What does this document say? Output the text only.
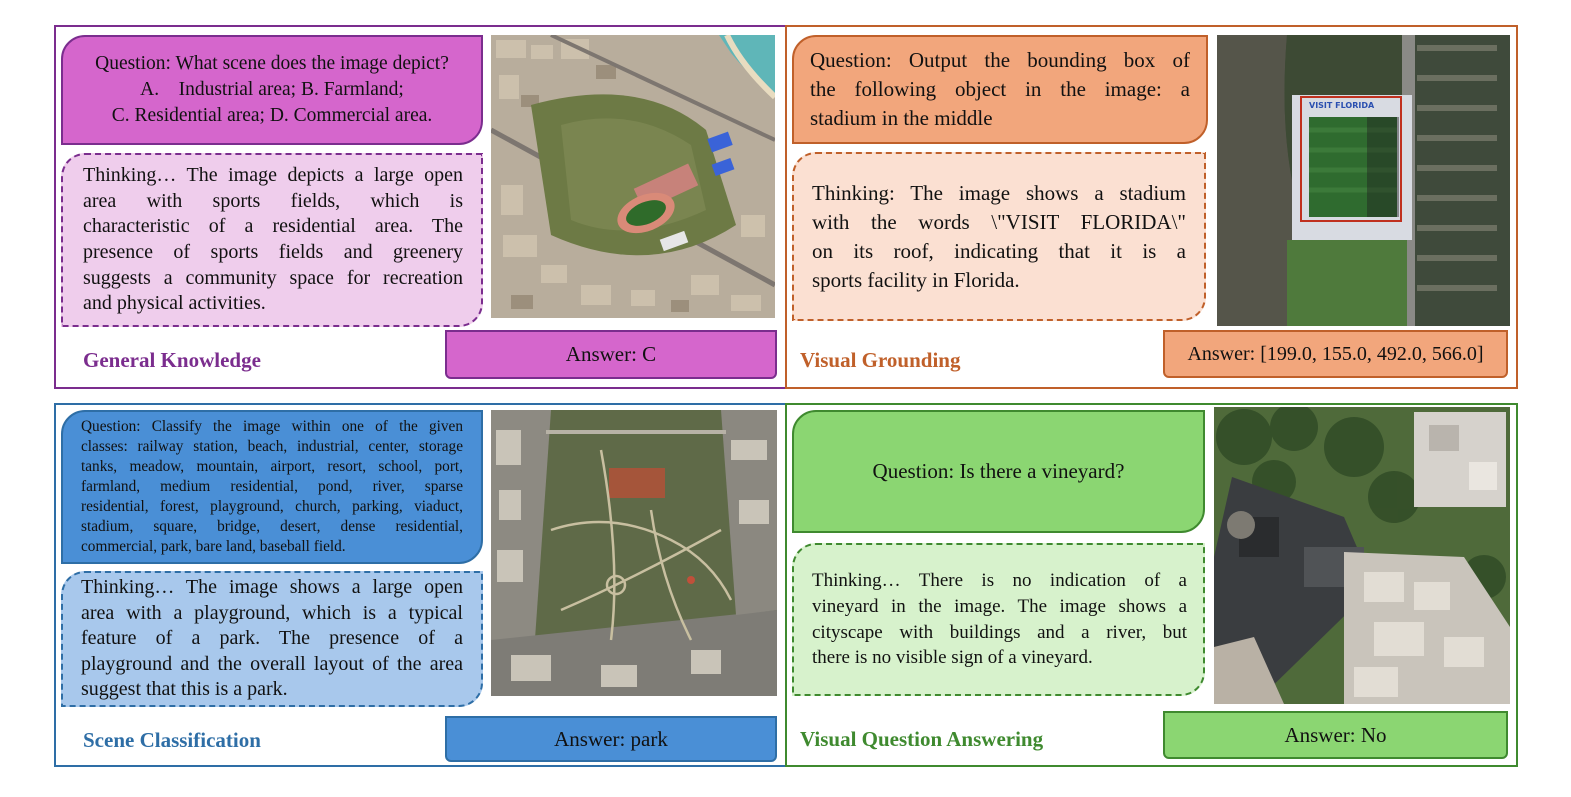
Question: What scene does the image depict?
A.    Industrial area; B. Farmland;
C. Residential area; D. Commercial area.
Thinking… The image depicts a large open
area with sports fields, which is
characteristic of a residential area. The
presence of sports fields and greenery
suggests a community space for recreation
and physical activities.
General Knowledge	Answer: C
Question: Output the bounding box of
the following object in the image: a
stadium in the middle
Thinking: The image shows a stadium
with the words \"VISIT FLORIDA\"
on its roof, indicating that it is a
sports facility in Florida.
VISIT FLORIDA
Visual Grounding	Answer: [199.0, 155.0, 492.0, 566.0]
Question: Classify the image within one of the given
classes: railway station, beach, industrial, center, storage
tanks, meadow, mountain, airport, resort, school, port,
farmland, medium residential, pond, river, sparse
residential, forest, playground, church, parking, viaduct,
stadium, square, bridge, desert, dense residential,
commercial, park, bare land, baseball field.
Thinking… The image shows a large open
area with a playground, which is a typical
feature of a park. The presence of a
playground and the overall layout of the area
suggest that this is a park.
Scene Classification	Answer: park
Question: Is there a vineyard?
Thinking… There is no indication of a
vineyard in the image. The image shows a
cityscape with buildings and a river, but
there is no visible sign of a vineyard.
Visual Question Answering	Answer: No
